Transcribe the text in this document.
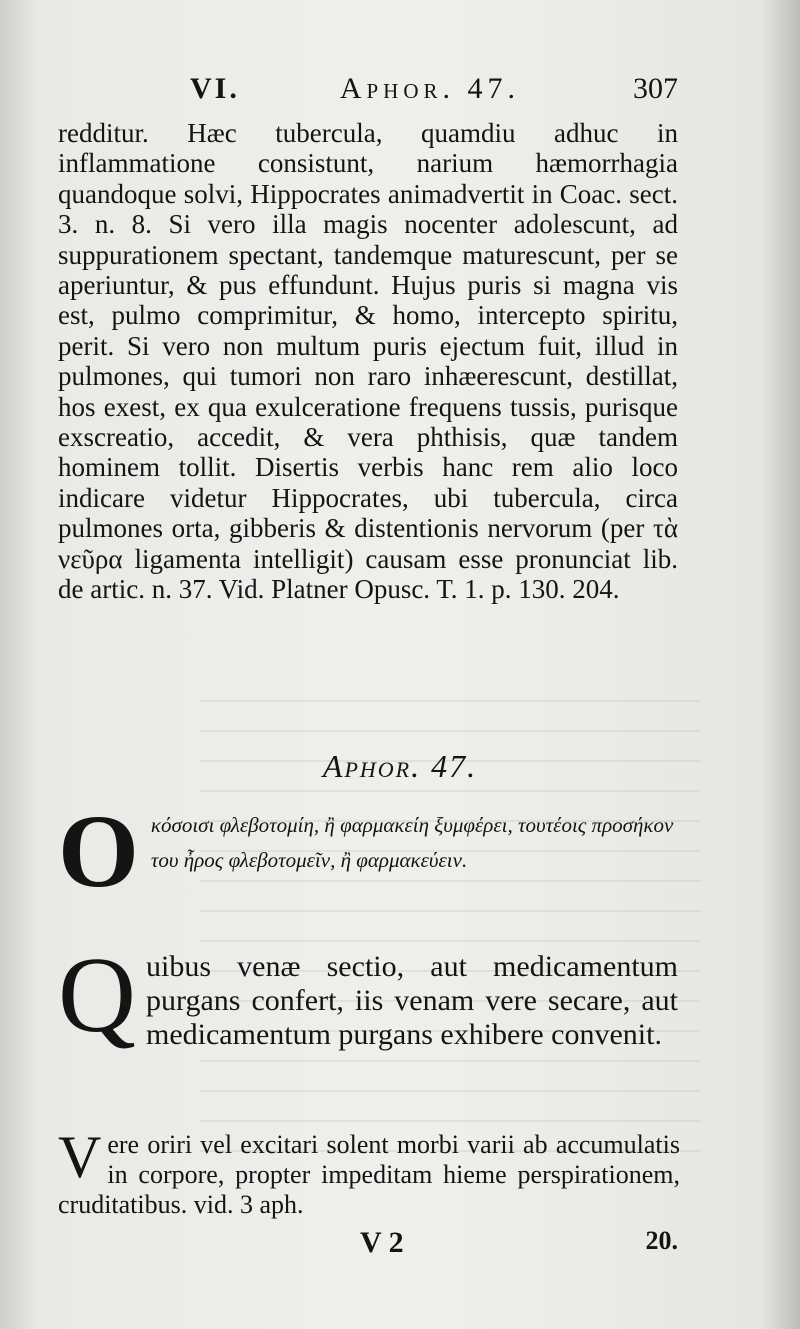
VI.	Aphor. 47.	307

redditur. Hæc tubercula, quamdiu adhuc in inflammatione consistunt, narium hæmorrhagia quandoque solvi, Hippocrates animadvertit in Coac. sect. 3. n. 8. Si vero illa magis nocenter adolescunt, ad suppurationem spectant, tandemque maturescunt, per se aperiuntur, & pus effundunt. Hujus puris si magna vis est, pulmo comprimitur, & homo, intercepto spiritu, perit. Si vero non multum puris ejectum fuit, illud in pulmones, qui tumori non raro inhæerescunt, destillat, hos exest, ex qua exulceratione frequens tussis, purisque exscreatio, accedit, & vera phthisis, quæ tandem hominem tollit. Disertis verbis hanc rem alio loco indicare videtur Hippocrates, ubi tubercula, circa pulmones orta, gibberis & distentionis nervorum (per τὰ νεῦρα ligamenta intelligit) causam esse pronunciat lib. de artic. n. 37. Vid. Platner Opusc. T. 1. p. 130. 204.

Aphor. 47.
O κόσοισι φλεβοτομίη, ἢ φαρμακείη ξυμφέρει, τουτέοις προσήκον του ἦρος φλεβοτομεῖν, ἢ φαρμακεύειν.
Q uibus venæ sectio, aut medicamentum purgans confert, iis venam vere secare, aut medicamentum purgans exhibere convenit.
V ere oriri vel excitari solent morbi varii ab accumulatis in corpore, propter impeditam hieme perspirationem, cruditatibus. vid. 3 aph.
V 2	20.
